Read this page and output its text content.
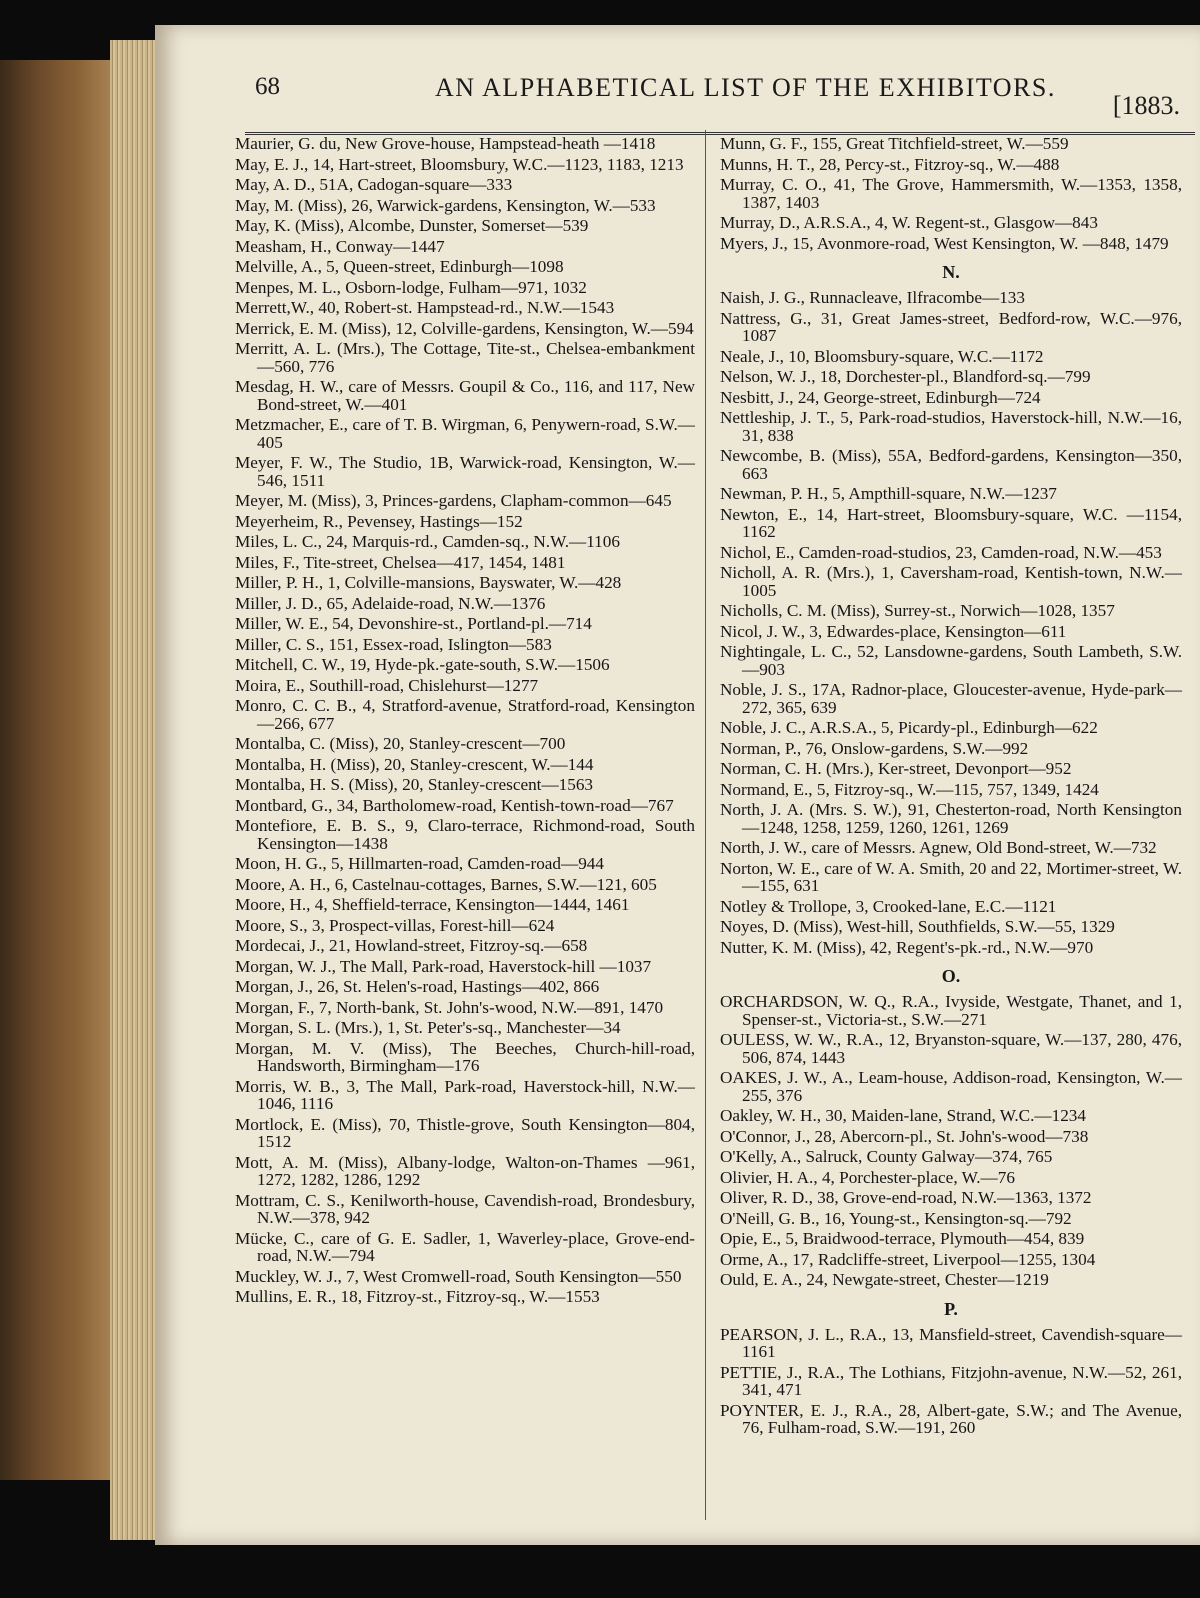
68	AN ALPHABETICAL LIST OF THE EXHIBITORS.
[1883.
Maurier, G. du, New Grove-house, Hampstead-heath —1418
May, E. J., 14, Hart-street, Bloomsbury, W.C.—1123, 1183, 1213
May, A. D., 51A, Cadogan-square—333
May, M. (Miss), 26, Warwick-gardens, Kensington, W.—533
May, K. (Miss), Alcombe, Dunster, Somerset—539
Measham, H., Conway—1447
Melville, A., 5, Queen-street, Edinburgh—1098
Menpes, M. L., Osborn-lodge, Fulham—971, 1032
Merrett,W., 40, Robert-st. Hampstead-rd., N.W.—1543
Merrick, E. M. (Miss), 12, Colville-gardens, Kensington, W.—594
Merritt, A. L. (Mrs.), The Cottage, Tite-st., Chelsea-embankment—560, 776
Mesdag, H. W., care of Messrs. Goupil & Co., 116, and 117, New Bond-street, W.—401
Metzmacher, E., care of T. B. Wirgman, 6, Penywern-road, S.W.—405
Meyer, F. W., The Studio, 1B, Warwick-road, Kensington, W.—546, 1511
Meyer, M. (Miss), 3, Princes-gardens, Clapham-common—645
Meyerheim, R., Pevensey, Hastings—152
Miles, L. C., 24, Marquis-rd., Camden-sq., N.W.—1106
Miles, F., Tite-street, Chelsea—417, 1454, 1481
Miller, P. H., 1, Colville-mansions, Bayswater, W.—428
Miller, J. D., 65, Adelaide-road, N.W.—1376
Miller, W. E., 54, Devonshire-st., Portland-pl.—714
Miller, C. S., 151, Essex-road, Islington—583
Mitchell, C. W., 19, Hyde-pk.-gate-south, S.W.—1506
Moira, E., Southill-road, Chislehurst—1277
Monro, C. C. B., 4, Stratford-avenue, Stratford-road, Kensington—266, 677
Montalba, C. (Miss), 20, Stanley-crescent—700
Montalba, H. (Miss), 20, Stanley-crescent, W.—144
Montalba, H. S. (Miss), 20, Stanley-crescent—1563
Montbard, G., 34, Bartholomew-road, Kentish-town-road—767
Montefiore, E. B. S., 9, Claro-terrace, Richmond-road, South Kensington—1438
Moon, H. G., 5, Hillmarten-road, Camden-road—944
Moore, A. H., 6, Castelnau-cottages, Barnes, S.W.—121, 605
Moore, H., 4, Sheffield-terrace, Kensington—1444, 1461
Moore, S., 3, Prospect-villas, Forest-hill—624
Mordecai, J., 21, Howland-street, Fitzroy-sq.—658
Morgan, W. J., The Mall, Park-road, Haverstock-hill —1037
Morgan, J., 26, St. Helen's-road, Hastings—402, 866
Morgan, F., 7, North-bank, St. John's-wood, N.W.—891, 1470
Morgan, S. L. (Mrs.), 1, St. Peter's-sq., Manchester—34
Morgan, M. V. (Miss), The Beeches, Church-hill-road, Handsworth, Birmingham—176
Morris, W. B., 3, The Mall, Park-road, Haverstock-hill, N.W.—1046, 1116
Mortlock, E. (Miss), 70, Thistle-grove, South Kensington—804, 1512
Mott, A. M. (Miss), Albany-lodge, Walton-on-Thames —961, 1272, 1282, 1286, 1292
Mottram, C. S., Kenilworth-house, Cavendish-road, Brondesbury, N.W.—378, 942
Mücke, C., care of G. E. Sadler, 1, Waverley-place, Grove-end-road, N.W.—794
Muckley, W. J., 7, West Cromwell-road, South Kensington—550
Mullins, E. R., 18, Fitzroy-st., Fitzroy-sq., W.—1553
Munn, G. F., 155, Great Titchfield-street, W.—559
Munns, H. T., 28, Percy-st., Fitzroy-sq., W.—488
Murray, C. O., 41, The Grove, Hammersmith, W.—1353, 1358, 1387, 1403
Murray, D., A.R.S.A., 4, W. Regent-st., Glasgow—843
Myers, J., 15, Avonmore-road, West Kensington, W. —848, 1479
N.
Naish, J. G., Runnacleave, Ilfracombe—133
Nattress, G., 31, Great James-street, Bedford-row, W.C.—976, 1087
Neale, J., 10, Bloomsbury-square, W.C.—1172
Nelson, W. J., 18, Dorchester-pl., Blandford-sq.—799
Nesbitt, J., 24, George-street, Edinburgh—724
Nettleship, J. T., 5, Park-road-studios, Haverstock-hill, N.W.—16, 31, 838
Newcombe, B. (Miss), 55A, Bedford-gardens, Kensington—350, 663
Newman, P. H., 5, Ampthill-square, N.W.—1237
Newton, E., 14, Hart-street, Bloomsbury-square, W.C. —1154, 1162
Nichol, E., Camden-road-studios, 23, Camden-road, N.W.—453
Nicholl, A. R. (Mrs.), 1, Caversham-road, Kentish-town, N.W.—1005
Nicholls, C. M. (Miss), Surrey-st., Norwich—1028, 1357
Nicol, J. W., 3, Edwardes-place, Kensington—611
Nightingale, L. C., 52, Lansdowne-gardens, South Lambeth, S.W.—903
Noble, J. S., 17A, Radnor-place, Gloucester-avenue, Hyde-park—272, 365, 639
Noble, J. C., A.R.S.A., 5, Picardy-pl., Edinburgh—622
Norman, P., 76, Onslow-gardens, S.W.—992
Norman, C. H. (Mrs.), Ker-street, Devonport—952
Normand, E., 5, Fitzroy-sq., W.—115, 757, 1349, 1424
North, J. A. (Mrs. S. W.), 91, Chesterton-road, North Kensington—1248, 1258, 1259, 1260, 1261, 1269
North, J. W., care of Messrs. Agnew, Old Bond-street, W.—732
Norton, W. E., care of W. A. Smith, 20 and 22, Mortimer-street, W.—155, 631
Notley & Trollope, 3, Crooked-lane, E.C.—1121
Noyes, D. (Miss), West-hill, Southfields, S.W.—55, 1329
Nutter, K. M. (Miss), 42, Regent's-pk.-rd., N.W.—970
O.
ORCHARDSON, W. Q., R.A., Ivyside, Westgate, Thanet, and 1, Spenser-st., Victoria-st., S.W.—271
OULESS, W. W., R.A., 12, Bryanston-square, W.—137, 280, 476, 506, 874, 1443
OAKES, J. W., A., Leam-house, Addison-road, Kensington, W.—255, 376
Oakley, W. H., 30, Maiden-lane, Strand, W.C.—1234
O'Connor, J., 28, Abercorn-pl., St. John's-wood—738
O'Kelly, A., Salruck, County Galway—374, 765
Olivier, H. A., 4, Porchester-place, W.—76
Oliver, R. D., 38, Grove-end-road, N.W.—1363, 1372
O'Neill, G. B., 16, Young-st., Kensington-sq.—792
Opie, E., 5, Braidwood-terrace, Plymouth—454, 839
Orme, A., 17, Radcliffe-street, Liverpool—1255, 1304
Ould, E. A., 24, Newgate-street, Chester—1219
P.
PEARSON, J. L., R.A., 13, Mansfield-street, Cavendish-square—1161
PETTIE, J., R.A., The Lothians, Fitzjohn-avenue, N.W.—52, 261, 341, 471
POYNTER, E. J., R.A., 28, Albert-gate, S.W.; and The Avenue, 76, Fulham-road, S.W.—191, 260
